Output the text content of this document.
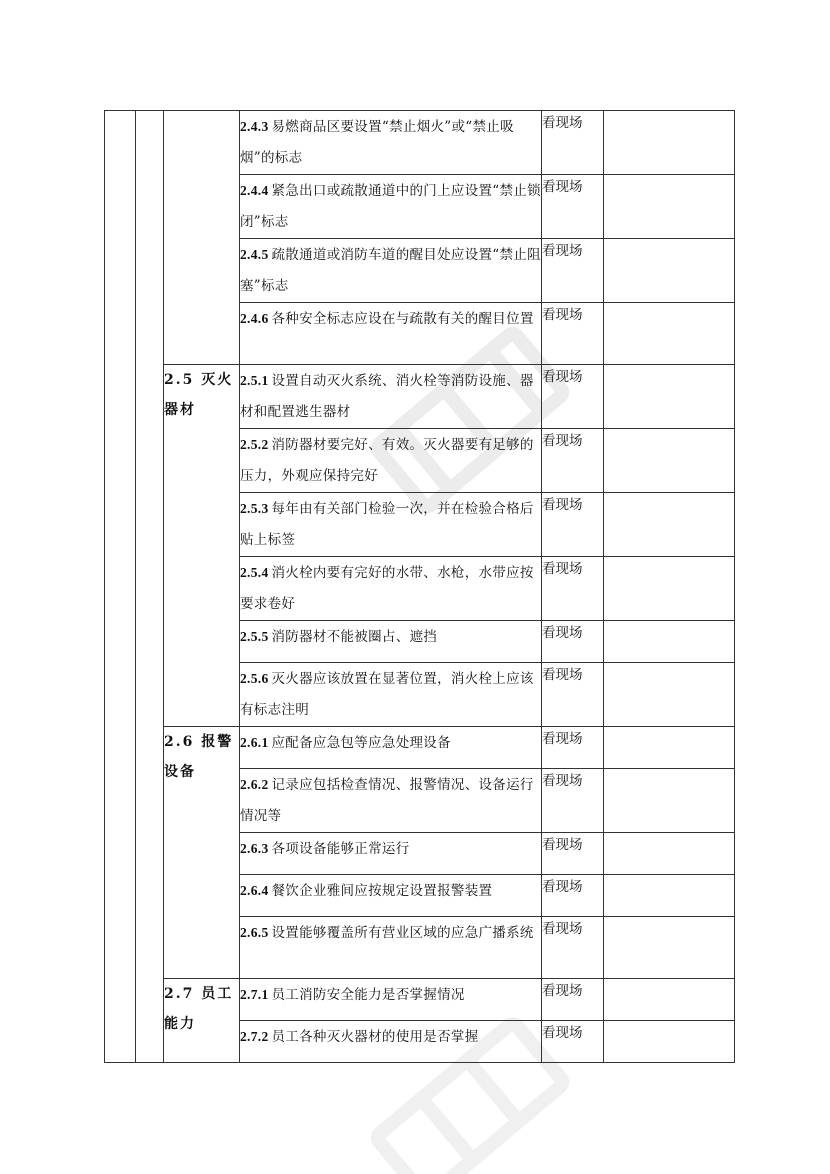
			2.4.3 易燃商品区要设置“禁止烟火”或“禁止吸烟”的标志	看现场	
			2.4.4 紧急出口或疏散通道中的门上应设置“禁止锁闭”标志	看现场	
			2.4.5 疏散通道或消防车道的醒目处应设置“禁止阻塞”标志	看现场	
			2.4.6 各种安全标志应设在与疏散有关的醒目位置	看现场	
		2.5 灭火器材	2.5.1 设置自动灭火系统、消火栓等消防设施、器材和配置逃生器材	看现场	
			2.5.2 消防器材要完好、有效。灭火器要有足够的压力，外观应保持完好	看现场	
			2.5.3 每年由有关部门检验一次，并在检验合格后贴上标签	看现场	
			2.5.4 消火栓内要有完好的水带、水枪，水带应按要求卷好	看现场	
			2.5.5 消防器材不能被圈占、遮挡	看现场	
			2.5.6 灭火器应该放置在显著位置，消火栓上应该有标志注明	看现场	
		2.6 报警设备	2.6.1 应配备应急包等应急处理设备	看现场	
			2.6.2 记录应包括检查情况、报警情况、设备运行情况等	看现场	
			2.6.3 各项设备能够正常运行	看现场	
			2.6.4 餐饮企业雅间应按规定设置报警装置	看现场	
			2.6.5 设置能够覆盖所有营业区域的应急广播系统	看现场	
		2.7 员工能力	2.7.1 员工消防安全能力是否掌握情况	看现场	
			2.7.2 员工各种灭火器材的使用是否掌握	看现场	
